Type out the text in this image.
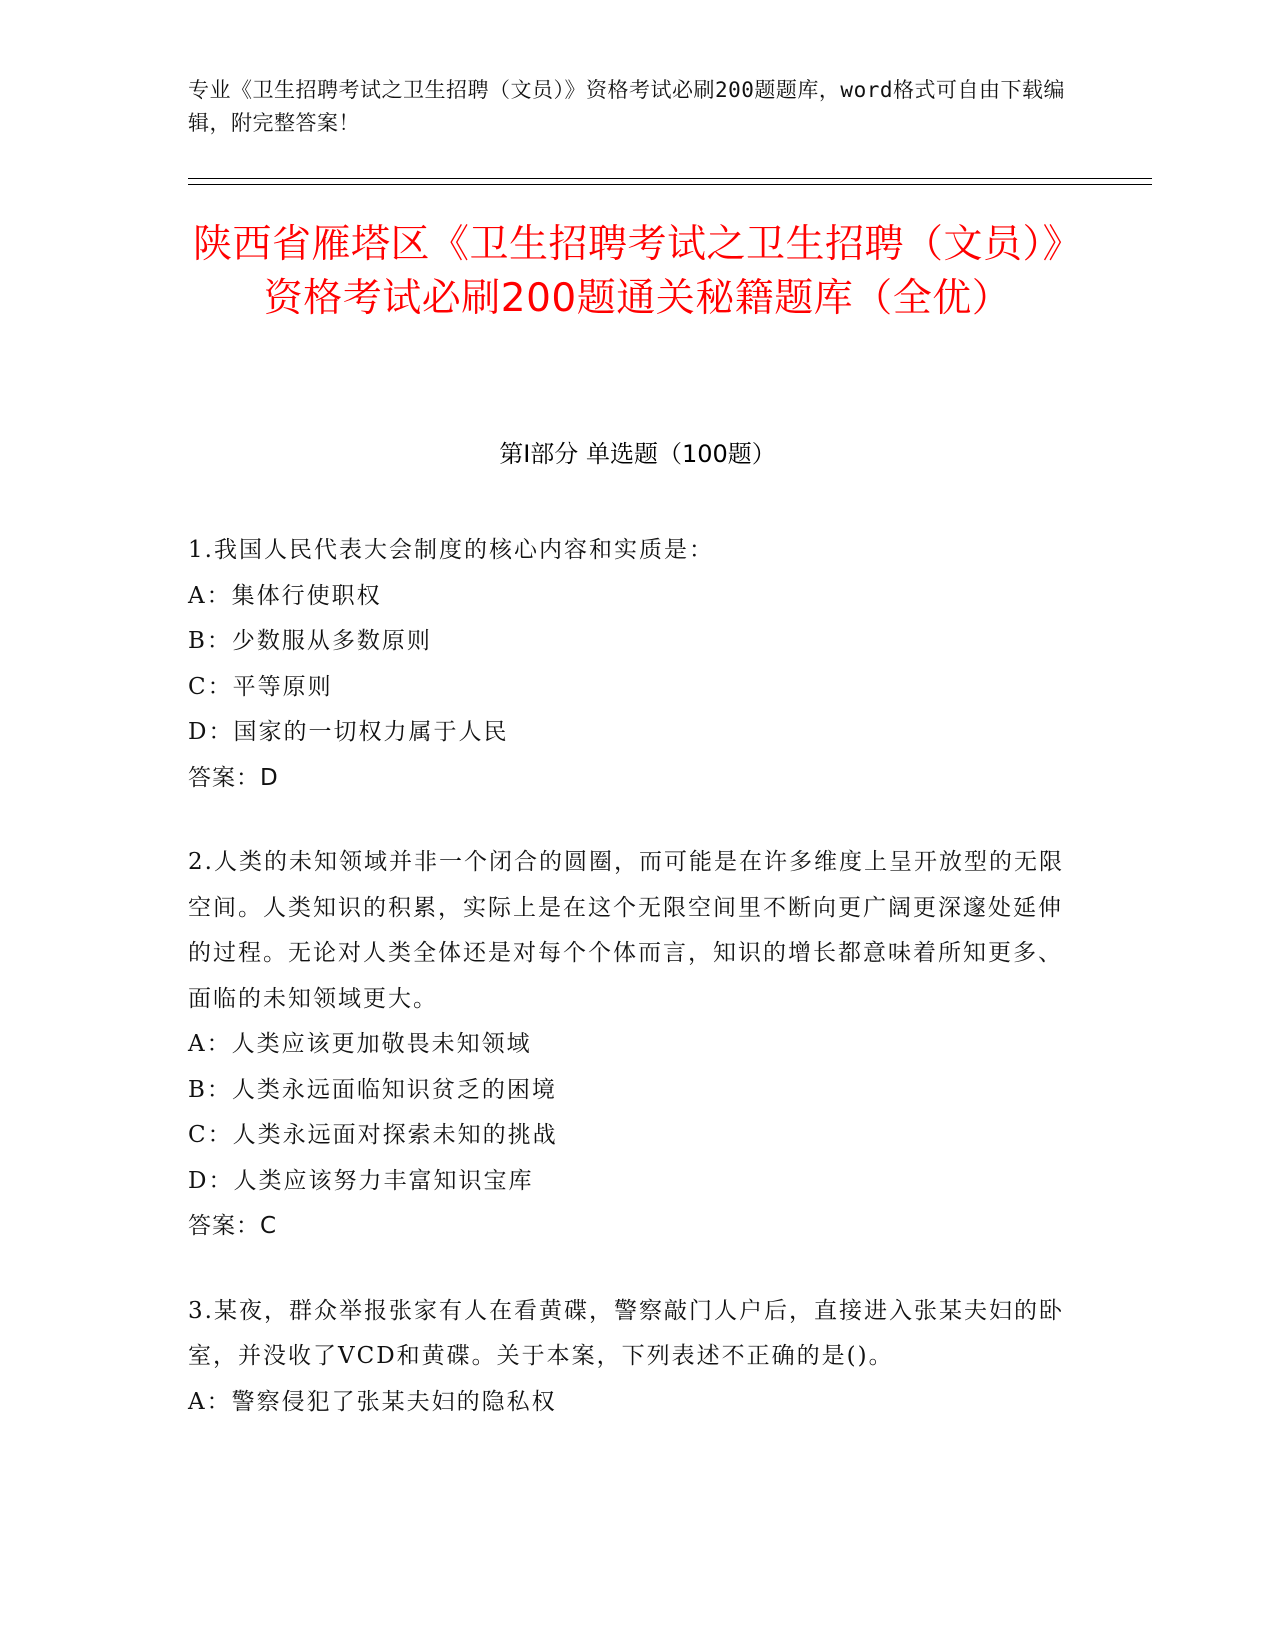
专业《卫生招聘考试之卫生招聘（文员）》资格考试必刷200题题库，word格式可自由下载编辑，附完整答案！
陕西省雁塔区《卫生招聘考试之卫生招聘（文员）》资格考试必刷200题通关秘籍题库（全优）
第Ⅰ部分 单选题（100题）

1.我国人民代表大会制度的核心内容和实质是：

A：集体行使职权

B：少数服从多数原则

C：平等原则

D：国家的一切权力属于人民

答案：D

2.人类的未知领域并非一个闭合的圆圈，而可能是在许多维度上呈开放型的无限空间。人类知识的积累，实际上是在这个无限空间里不断向更广阔更深邃处延伸的过程。无论对人类全体还是对每个个体而言，知识的增长都意味着所知更多、面临的未知领域更大。

A：人类应该更加敬畏未知领域

B：人类永远面临知识贫乏的困境

C：人类永远面对探索未知的挑战

D：人类应该努力丰富知识宝库

答案：C

3.某夜，群众举报张家有人在看黄碟，警察敲门人户后，直接进入张某夫妇的卧室，并没收了VCD和黄碟。关于本案，下列表述不正确的是()。

A：警察侵犯了张某夫妇的隐私权
